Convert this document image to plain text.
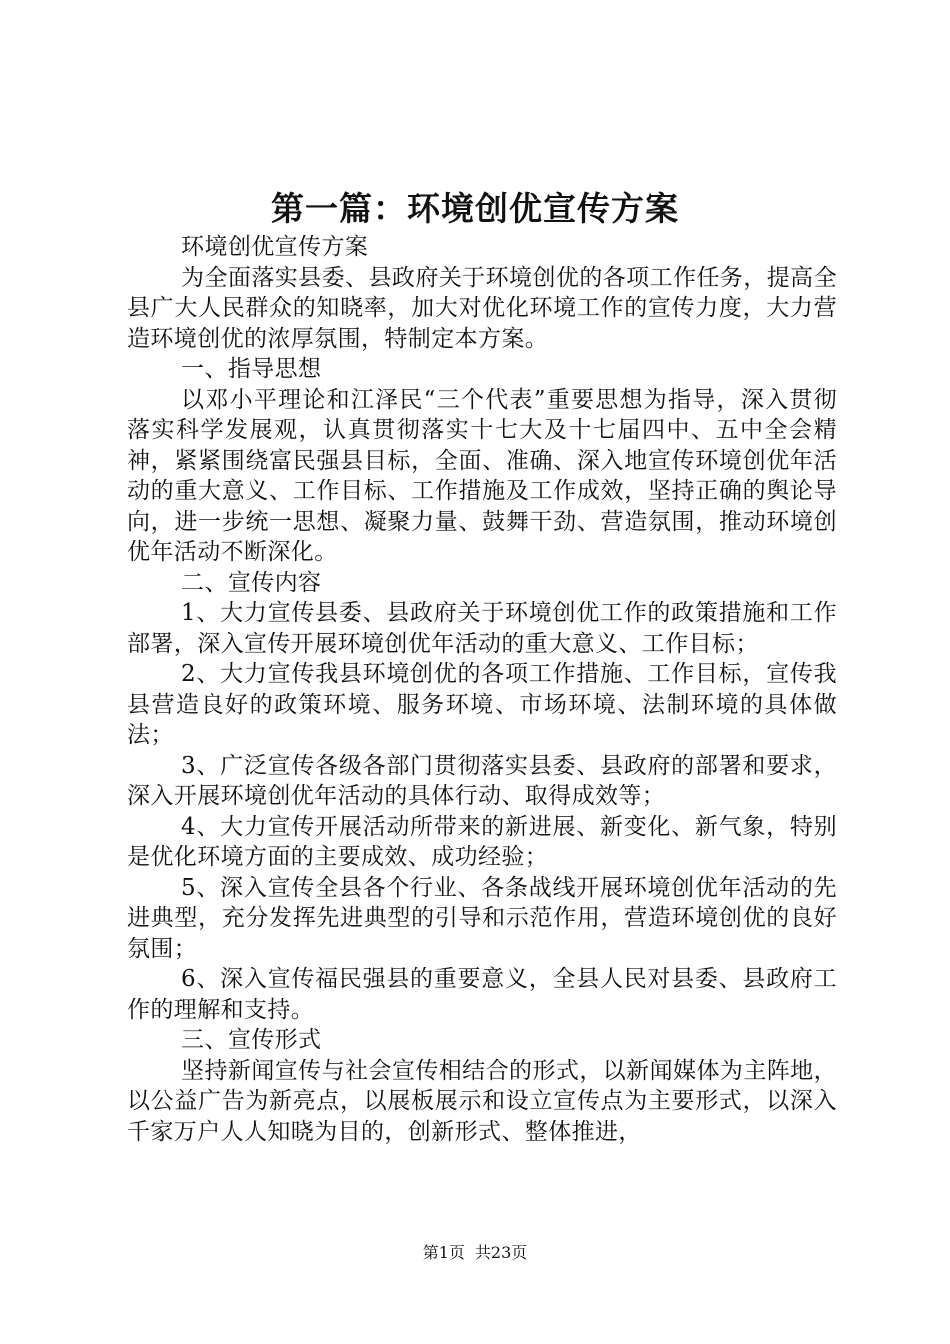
第一篇：环境创优宣传方案

环境创优宣传方案

为全面落实县委、县政府关于环境创优的各项工作任务，提高全县广大人民群众的知晓率，加大对优化环境工作的宣传力度，大力营造环境创优的浓厚氛围，特制定本方案。

一、指导思想

以邓小平理论和江泽民“三个代表”重要思想为指导，深入贯彻落实科学发展观，认真贯彻落实十七大及十七届四中、五中全会精神，紧紧围绕富民强县目标，全面、准确、深入地宣传环境创优年活动的重大意义、工作目标、工作措施及工作成效，坚持正确的舆论导向，进一步统一思想、凝聚力量、鼓舞干劲、营造氛围，推动环境创优年活动不断深化。

二、宣传内容

1、大力宣传县委、县政府关于环境创优工作的政策措施和工作部署，深入宣传开展环境创优年活动的重大意义、工作目标；

2、大力宣传我县环境创优的各项工作措施、工作目标，宣传我县营造良好的政策环境、服务环境、市场环境、法制环境的具体做法；

3、广泛宣传各级各部门贯彻落实县委、县政府的部署和要求，深入开展环境创优年活动的具体行动、取得成效等；

4、大力宣传开展活动所带来的新进展、新变化、新气象，特别是优化环境方面的主要成效、成功经验；

5、深入宣传全县各个行业、各条战线开展环境创优年活动的先进典型，充分发挥先进典型的引导和示范作用，营造环境创优的良好氛围；

6、深入宣传福民强县的重要意义，全县人民对县委、县政府工作的理解和支持。

三、宣传形式

坚持新闻宣传与社会宣传相结合的形式，以新闻媒体为主阵地，以公益广告为新亮点，以展板展示和设立宣传点为主要形式，以深入千家万户人人知晓为目的，创新形式、整体推进，

第1页 共23页
